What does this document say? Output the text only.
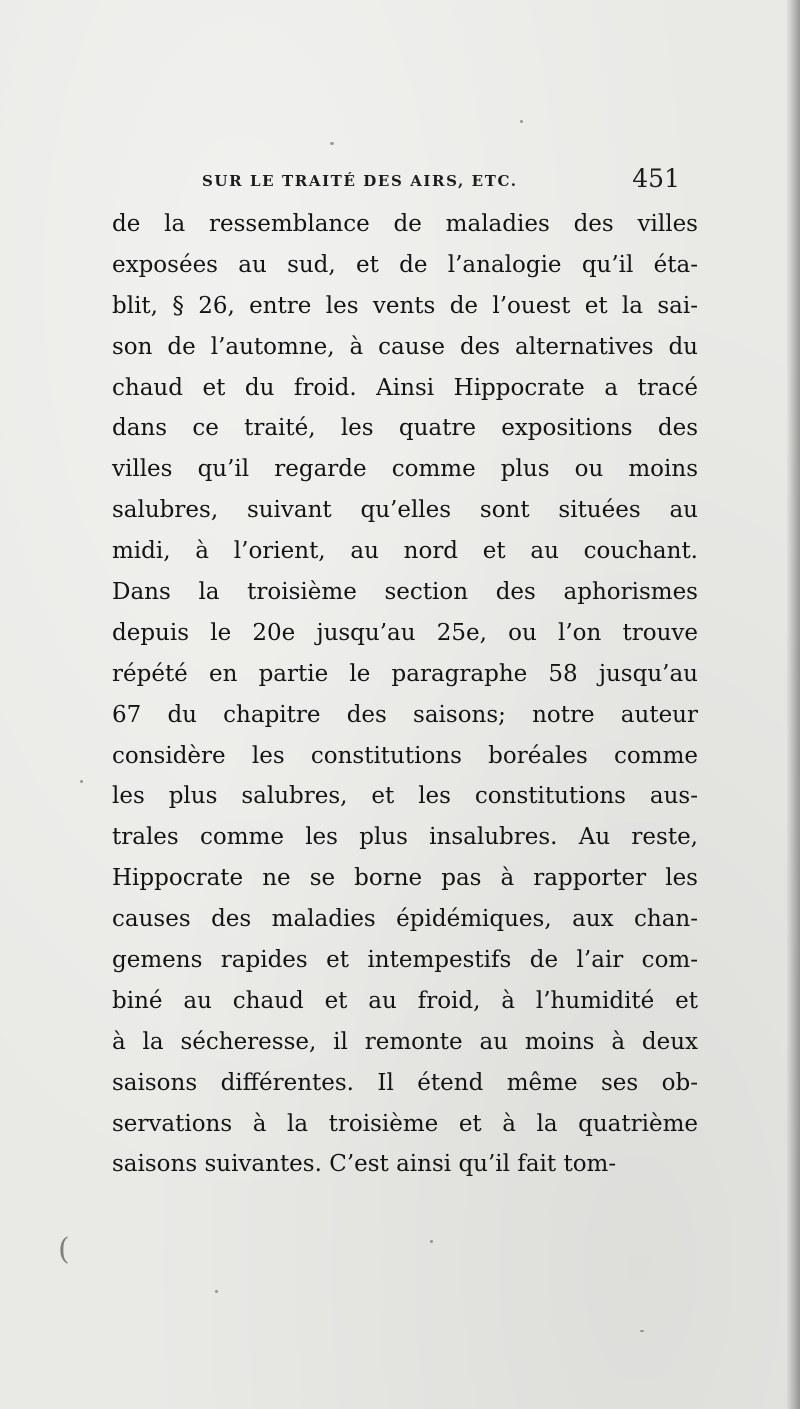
(
SUR LE TRAITÉ DES AIRS, ETC.	451
de la ressemblance de maladies des villes
exposées au sud, et de l’analogie qu’il éta-
blit, § 26, entre les vents de l’ouest et la sai-
son de l’automne, à cause des alternatives du
chaud et du froid. Ainsi Hippocrate a tracé
dans ce traité, les quatre expositions des
villes qu’il regarde comme plus ou moins
salubres, suivant qu’elles sont situées au
midi, à l’orient, au nord et au couchant.
Dans la troisième section des aphorismes
depuis le 20e jusqu’au 25e, ou l’on trouve
répété en partie le paragraphe 58 jusqu’au
67 du chapitre des saisons; notre auteur
considère les constitutions boréales comme
les plus salubres, et les constitutions aus-
trales comme les plus insalubres. Au reste,
Hippocrate ne se borne pas à rapporter les
causes des maladies épidémiques, aux chan-
gemens rapides et intempestifs de l’air com-
biné au chaud et au froid, à l’humidité et
à la sécheresse, il remonte au moins à deux
saisons différentes. Il étend même ses ob-
servations à la troisième et à la quatrième
saisons suivantes. C’est ainsi qu’il fait tom-
